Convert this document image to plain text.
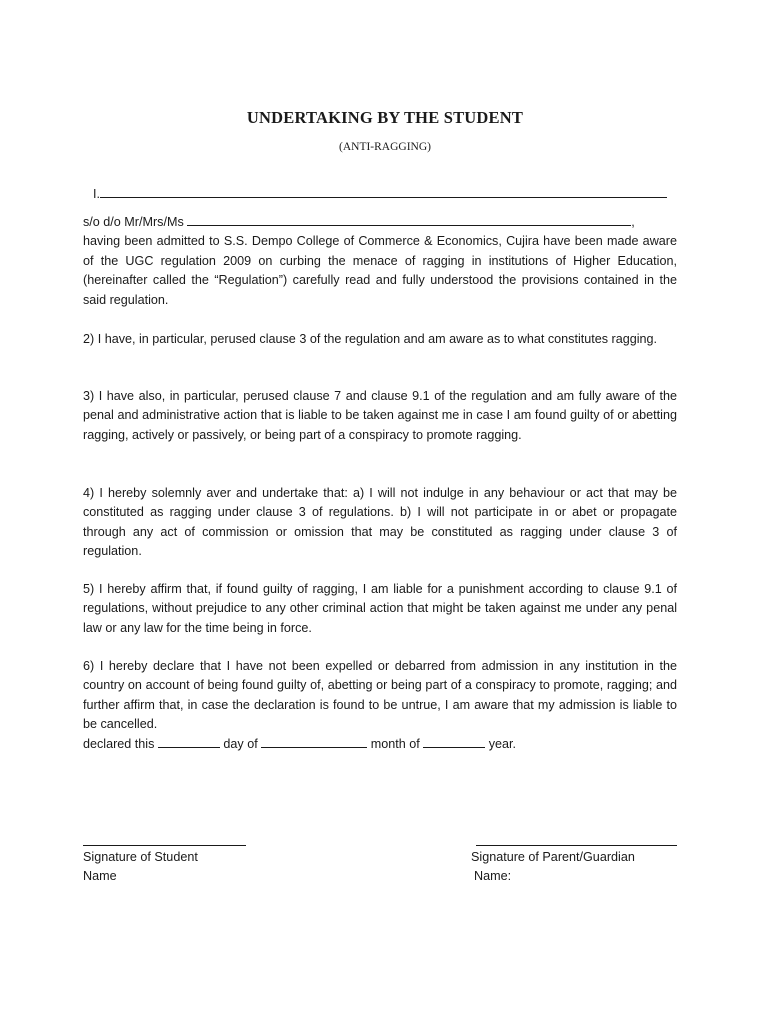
UNDERTAKING BY THE STUDENT
(ANTI-RAGGING)
I.
s/o d/o Mr/Mrs/Ms	,

having been admitted to S.S. Dempo College of Commerce & Economics, Cujira have been made aware of the UGC regulation 2009 on curbing the menace of ragging in institutions of Higher Education, (hereinafter called the “Regulation”) carefully read and fully understood the provisions contained in the said regulation.

2) I have, in particular, perused clause 3 of the regulation and am aware as to what constitutes ragging.

3) I have also, in particular, perused clause 7 and clause 9.1 of the regulation and am fully aware of the penal and administrative action that is liable to be taken against me in case I am found guilty of or abetting ragging, actively or passively, or being part of a conspiracy to promote ragging.

4) I hereby solemnly aver and undertake that: a) I will not indulge in any behaviour or act that may be constituted as ragging under clause 3 of regulations. b) I will not participate in or abet or propagate through any act of commission or omission that may be constituted as ragging under clause 3 of regulation.

5) I hereby affirm that, if found guilty of ragging, I am liable for a punishment according to clause 9.1 of regulations, without prejudice to any other criminal action that might be taken against me under any penal law or any law for the time being in force.

6) I hereby declare that I have not been expelled or debarred from admission in any institution in the country on account of being found guilty of, abetting or being part of a conspiracy to promote, ragging; and further affirm that, in case the declaration is found to be untrue, I am aware that my admission is liable to be cancelled.

declared this	day of	month of	year.

Signature of Student
Name
Signature of Parent/Guardian
Name:
